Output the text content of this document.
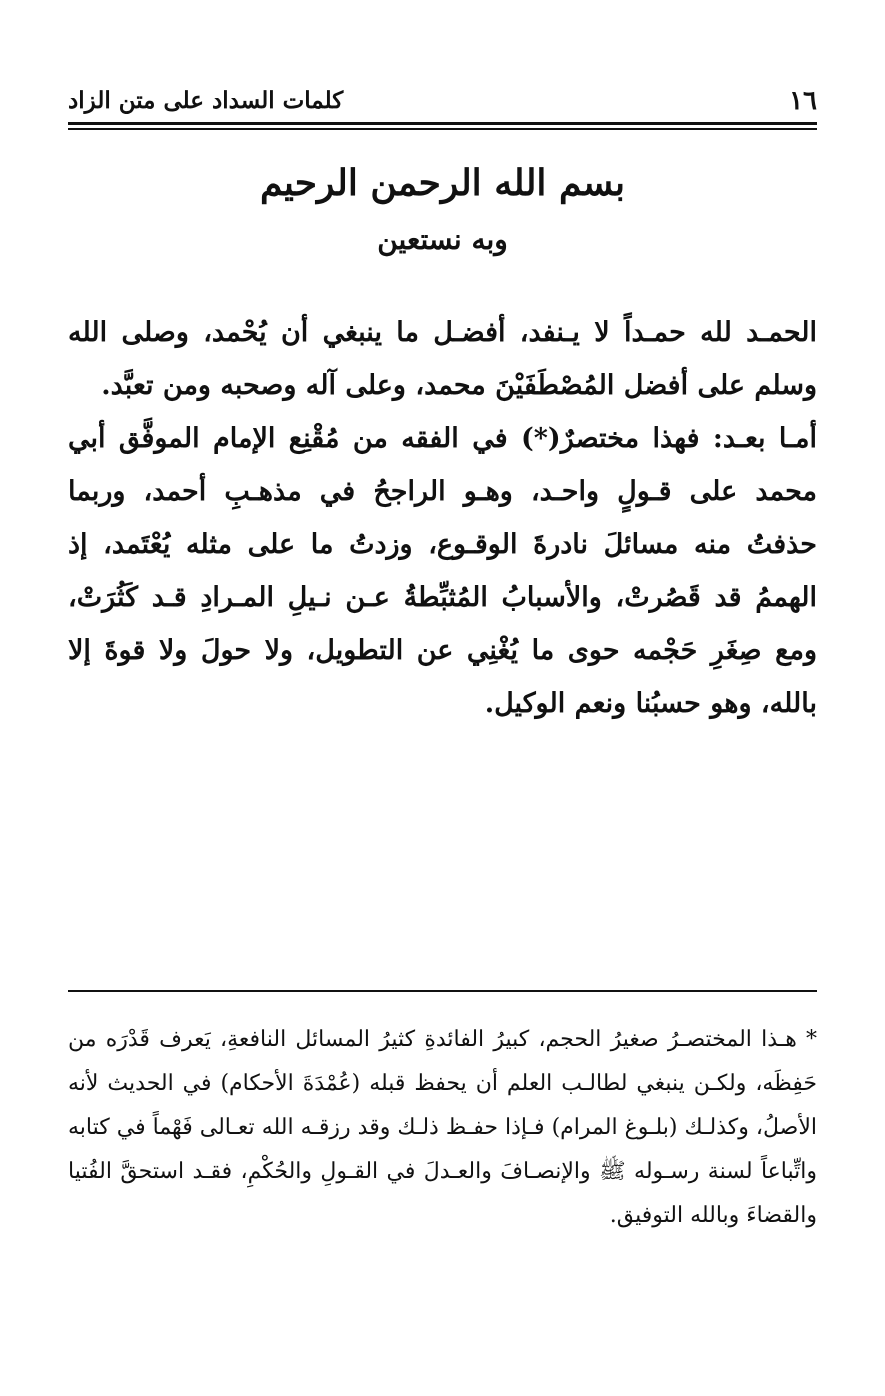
١٦
كلمات السداد على متن الزاد
بسم الله الرحمن الرحيم
وبه نستعين

الحمـد لله حمـداً لا يـنفد، أفضـل ما ينبغي أن يُحْمد، وصلى الله وسلم على أفضل المُصْطَفَيْنَ محمد، وعلى آله وصحبه ومن تعبَّد.

أمـا بعـد: فهذا مختصرٌ(*) في الفقه من مُقْنِع الإمام الموفَّق أبي محمد على قـولٍ واحـد، وهـو الراجحُ في مذهـبِ أحمد، وربما حذفتُ منه مسائلَ نادرةَ الوقـوع، وزدتُ ما على مثله يُعْتَمد، إذ الهممُ قد قَصُرتْ، والأسبابُ المُثبِّطةُ عـن نـيلِ المـرادِ قـد كَثُرَتْ، ومع صِغَرِ حَجْمه حوى ما يُغْنِي عن التطويل، ولا حولَ ولا قوةَ إلا بالله، وهو حسبُنا ونعم الوكيل.

* هـذا المختصـرُ صغيرُ الحجم، كبيرُ الفائدةِ كثيرُ المسائل النافعةِ، يَعرف قَدْرَه من حَفِظَه، ولكـن ينبغي لطالـب العلم أن يحفظ قبله (عُمْدَةَ الأحكام) في الحديث لأنه الأصلُ، وكذلـك (بلـوغ المرام) فـإذا حفـظ ذلـك وقد رزقـه الله تعـالى فَهْماً في كتابه واتِّباعاً لسنة رسـوله ﷺ والإنصـافَ والعـدلَ في القـولِ والحُكْمِ، فقـد استحقَّ الفُتيا والقضاءَ وبالله التوفيق.
